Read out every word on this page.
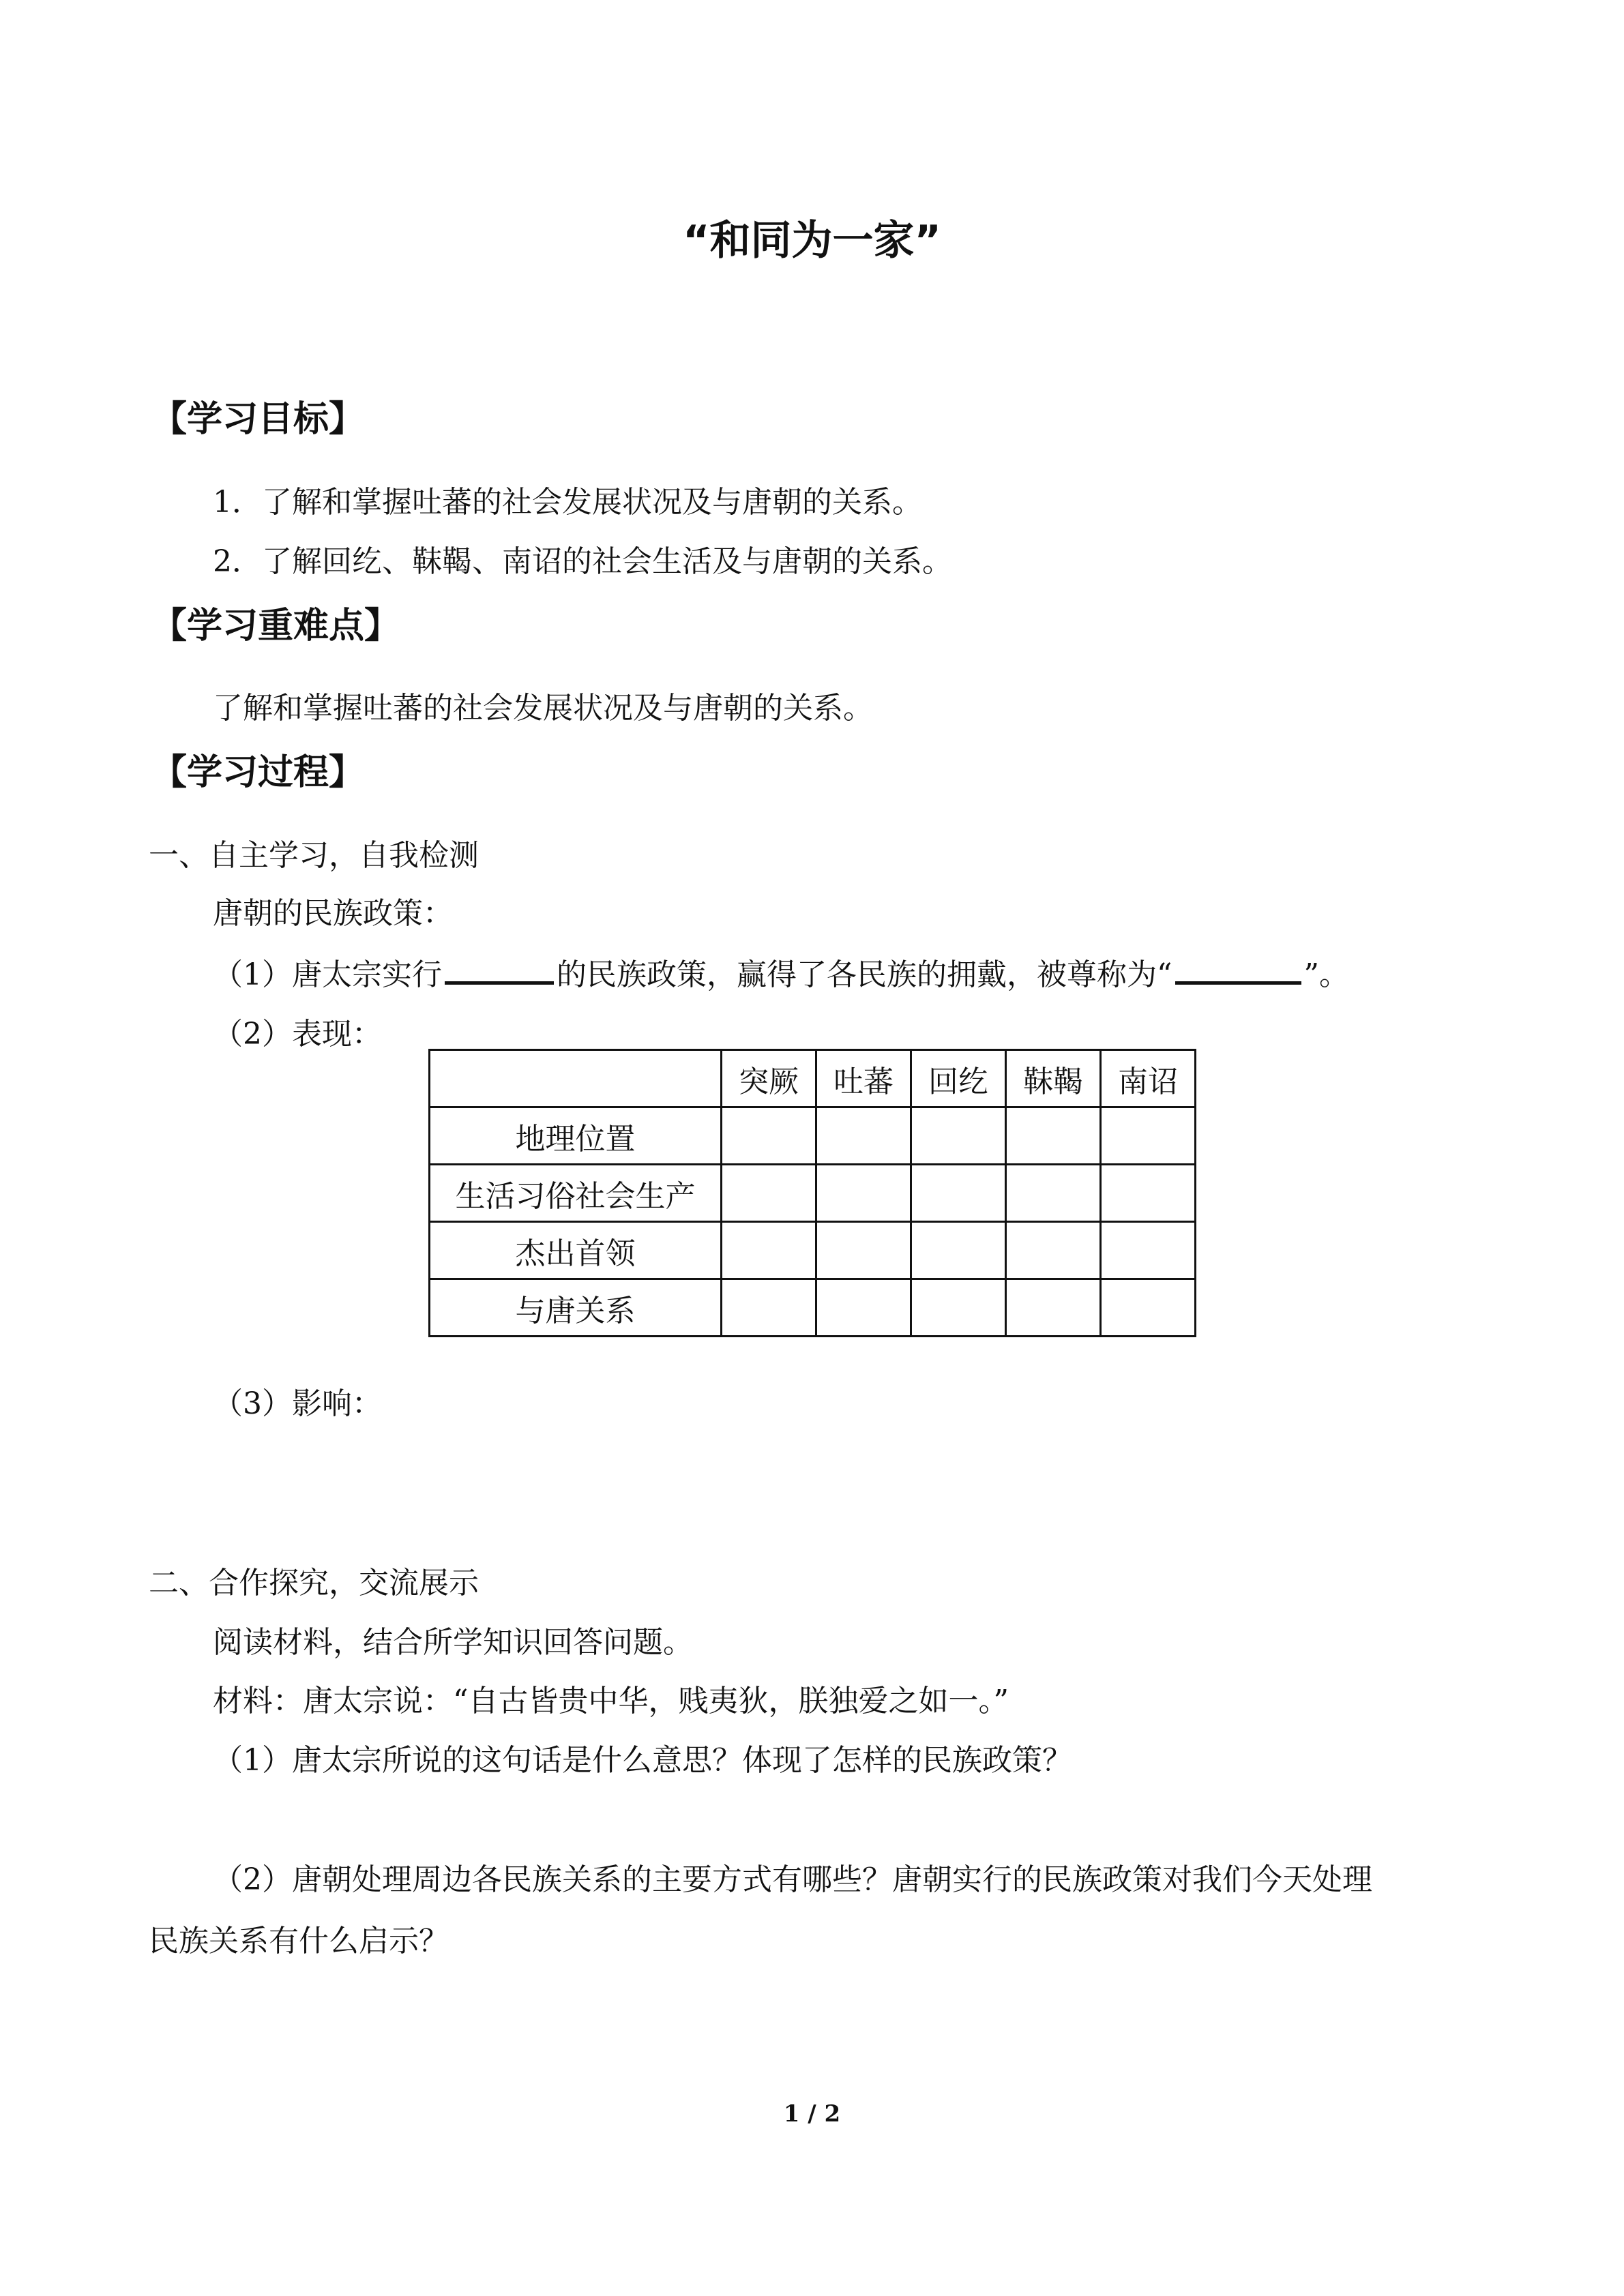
“和同为一家”
【学习目标】
1．了解和掌握吐蕃的社会发展状况及与唐朝的关系。
2．了解回纥、靺鞨、南诏的社会生活及与唐朝的关系。
【学习重难点】
了解和掌握吐蕃的社会发展状况及与唐朝的关系。
【学习过程】
一、自主学习，自我检测
唐朝的民族政策：
（1）唐太宗实行	的民族政策，赢得了各民族的拥戴，被尊称为“	”。
（2）表现：
	突厥	吐蕃	回纥	靺鞨	南诏
地理位置					
生活习俗社会生产					
杰出首领					
与唐关系					
（3）影响：
二、合作探究，交流展示
阅读材料，结合所学知识回答问题。
材料：唐太宗说：“自古皆贵中华，贱夷狄，朕独爱之如一。”
（1）唐太宗所说的这句话是什么意思？体现了怎样的民族政策？
（2）唐朝处理周边各民族关系的主要方式有哪些？唐朝实行的民族政策对我们今天处理
民族关系有什么启示？
1 / 2
